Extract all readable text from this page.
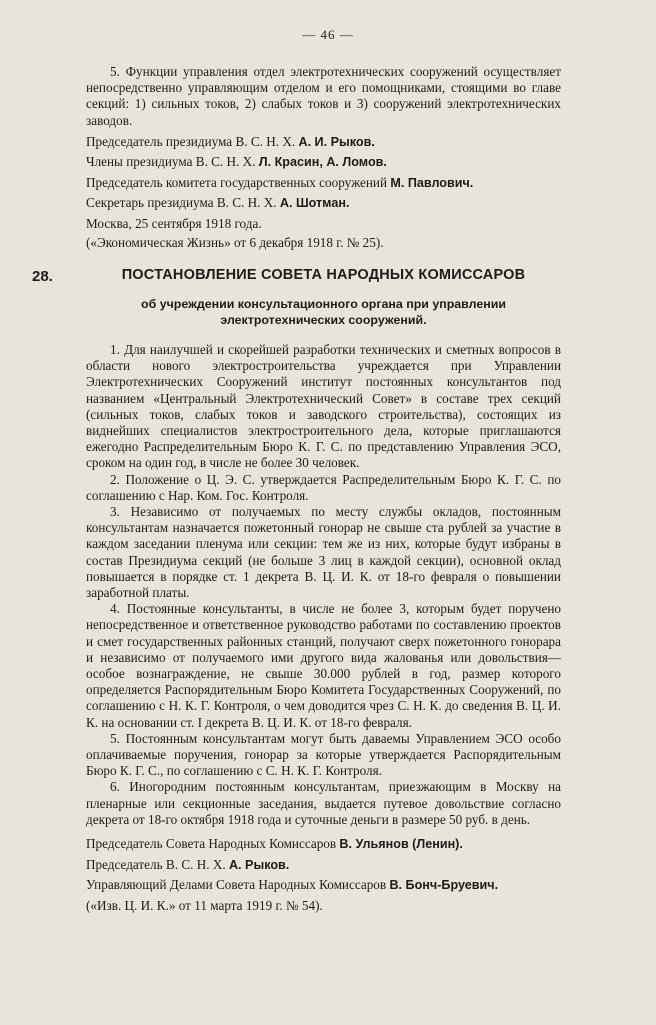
— 46 —

5. Функции управления отдел электротехнических сооружений осуществляет непосредственно управляющим отделом и его помощниками, стоящими во главе секций: 1) сильных токов, 2) слабых токов и 3) сооружений электротехнических заводов.

Председатель президиума В. С. Н. Х. А. И. Рыков.

Члены президиума В. С. Н. Х. Л. Красин, А. Ломов.

Председатель комитета государственных сооружений М. Павлович.

Секретарь президиума В. С. Н. Х. А. Шотман.

Москва, 25 сентября 1918 года.

(«Экономическая Жизнь» от 6 декабря 1918 г. № 25).

28.	ПОСТАНОВЛЕНИЕ СОВЕТА НАРОДНЫХ КОМИССАРОВ
об учреждении консультационного органа при управлении электротехнических сооружений.

1. Для наилучшей и скорейшей разработки технических и сметных вопросов в области нового электростроительства учреждается при Управлении Электротехнических Сооружений институт постоянных консультантов под названием «Центральный Электротехнический Совет» в составе трех секций (сильных токов, слабых токов и заводского строительства), состоящих из виднейших специалистов электростроительного дела, которые приглашаются ежегодно Распределительным Бюро К. Г. С. по представлению Управления ЭСО, сроком на один год, в числе не более 30 человек.

2. Положение о Ц. Э. С. утверждается Распределительным Бюро К. Г. С. по соглашению с Нар. Ком. Гос. Контроля.

3. Независимо от получаемых по месту службы окладов, постоянным консультантам назначается пожетонный гонорар не свыше ста рублей за участие в каждом заседании пленума или секции: тем же из них, которые будут избраны в состав Президиума секций (не больше 3 лиц в каждой секции), основной оклад повышается в порядке ст. 1 декрета В. Ц. И. К. от 18-го февраля о повышении заработной платы.

4. Постоянные консультанты, в числе не более 3, которым будет поручено непосредственное и ответственное руководство работами по составлению проектов и смет государственных районных станций, получают сверх пожетонного гонорара и независимо от получаемого ими другого вида жалованья или довольствия—особое вознаграждение, не свыше 30.000 рублей в год, размер которого определяется Распорядительным Бюро Комитета Государственных Сооружений, по соглашению с Н. К. Г. Контроля, о чем доводится чрез С. Н. К. до сведения В. Ц. И. К. на основании ст. I декрета В. Ц. И. К. от 18-го февраля.

5. Постоянным консультантам могут быть даваемы Управлением ЭСО особо оплачиваемые поручения, гонорар за которые утверждается Распорядительным Бюро К. Г. С., по соглашению с С. Н. К. Г. Контроля.

6. Иногородним постоянным консультантам, приезжающим в Москву на пленарные или секционные заседания, выдается путевое довольствие согласно декрета от 18-го октября 1918 года и суточные деньги в размере 50 руб. в день.

Председатель Совета Народных Комиссаров В. Ульянов (Ленин).

Председатель В. С. Н. Х. А. Рыков.

Управляющий Делами Совета Народных Комиссаров В. Бонч-Бруевич.

(«Изв. Ц. И. К.» от 11 марта 1919 г. № 54).
